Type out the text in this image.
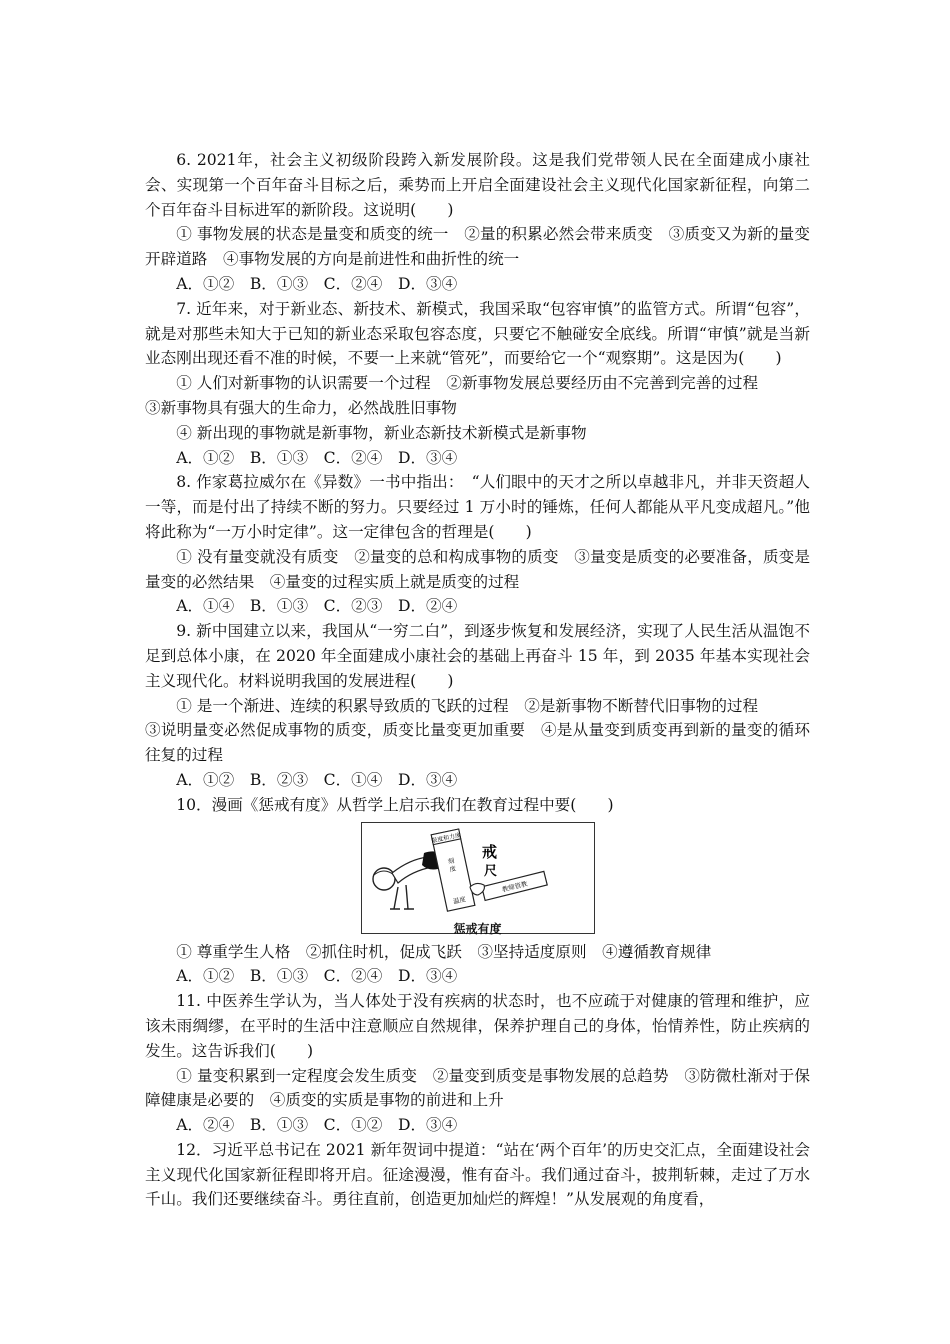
6. 2021年，社会主义初级阶段跨入新发展阶段。这是我们党带领人民在全面建成小康社会、实现第一个百年奋斗目标之后，乘势而上开启全面建设社会主义现代化国家新征程，向第二个百年奋斗目标进军的新阶段。这说明(　　)

① 事物发展的状态是量变和质变的统一　②量的积累必然会带来质变　③质变又为新的量变开辟道路　④事物发展的方向是前进性和曲折性的统一

A．①②　B．①③　C．②④　D．③④

7. 近年来，对于新业态、新技术、新模式，我国采取“包容审慎”的监管方式。所谓“包容”，就是对那些未知大于已知的新业态采取包容态度，只要它不触碰安全底线。所谓“审慎”就是当新业态刚出现还看不准的时候，不要一上来就“管死”，而要给它一个“观察期”。这是因为(　　)

① 人们对新事物的认识需要一个过程　②新事物发展总要经历由不完善到完善的过程

③新事物具有强大的生命力，必然战胜旧事物

④ 新出现的事物就是新事物，新业态新技术新模式是新事物

A．①②　B．①③　C．②④　D．③④

8. 作家葛拉威尔在《异数》一书中指出：　“人们眼中的天才之所以卓越非凡，并非天资超人一等，而是付出了持续不断的努力。只要经过 1 万小时的锤炼，任何人都能从平凡变成超凡。”他将此称为“一万小时定律”。这一定律包含的哲理是(　　)

① 没有量变就没有质变　②量变的总和构成事物的质变　③量变是质变的必要准备，质变是量变的必然结果　④量变的过程实质上就是质变的过程

A．①④　B．①③　C．②③　D．②④

9. 新中国建立以来，我国从“一穷二白”，到逐步恢复和发展经济，实现了人民生活从温饱不足到总体小康，在 2020 年全面建成小康社会的基础上再奋斗 15 年，到 2035 年基本实现社会主义现代化。材料说明我国的发展进程(　　)

① 是一个渐进、连续的积累导致质的飞跃的过程　②是新事物不断替代旧事物的过程

③说明量变必然促成事物的质变，质变比量变更加重要　④是从量变到质变再到新的量变的循环往复的过程

A．①②　B．②③　C．①④　D．③④

10．漫画《惩戒有度》从哲学上启示我们在教育过程中要(　　)

限度和力度
刻
度
温度
戒
尺
教师管教
惩戒有度

① 尊重学生人格　②抓住时机，促成飞跃　③坚持适度原则　④遵循教育规律

A．①②　B．①③　C．②④　D．③④

11. 中医养生学认为，当人体处于没有疾病的状态时，也不应疏于对健康的管理和维护，应该未雨绸缪，在平时的生活中注意顺应自然规律，保养护理自己的身体，怡情养性，防止疾病的发生。这告诉我们(　　)

① 量变积累到一定程度会发生质变　②量变到质变是事物发展的总趋势　③防微杜渐对于保障健康是必要的　④质变的实质是事物的前进和上升

A．②④　B．①③　C．①②　D．③④

12．习近平总书记在 2021 新年贺词中提道：“站在‘两个百年’的历史交汇点，全面建设社会主义现代化国家新征程即将开启。征途漫漫，惟有奋斗。我们通过奋斗，披荆斩棘，走过了万水千山。我们还要继续奋斗。勇往直前，创造更加灿烂的辉煌！”从发展观的角度看，
